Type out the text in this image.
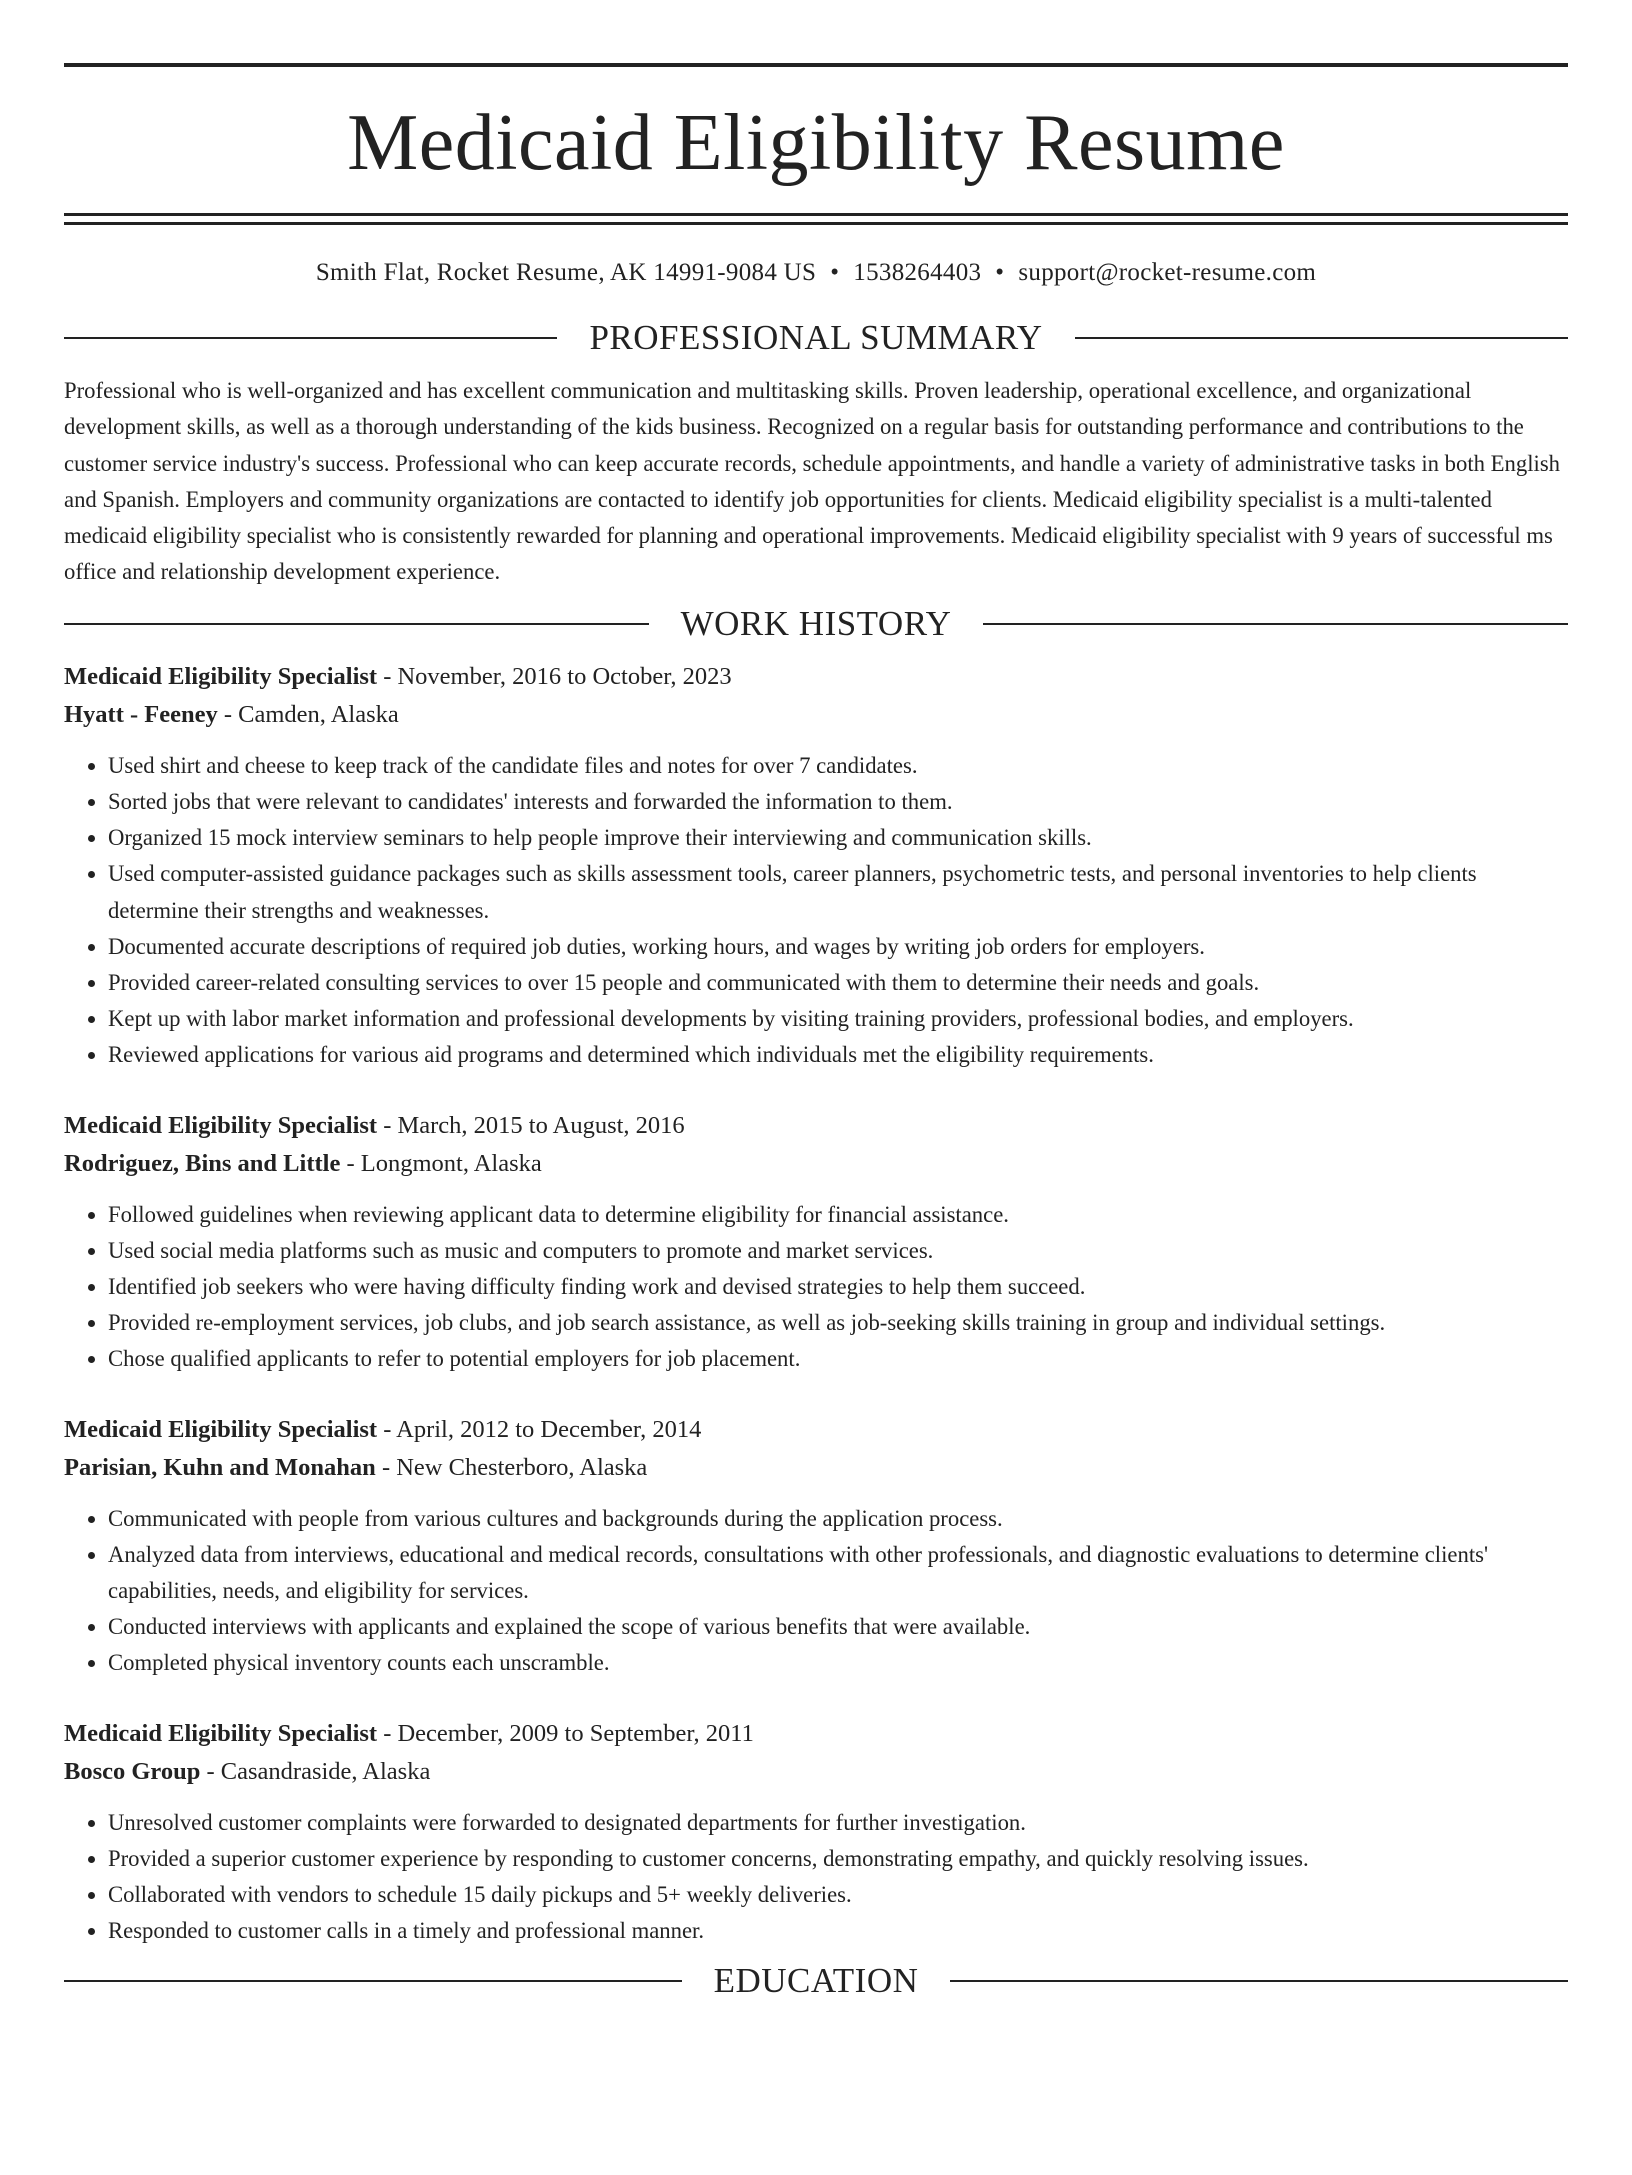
Medicaid Eligibility Resume
Smith Flat, Rocket Resume, AK 14991-9084 US • 1538264403 • support@rocket-resume.com
PROFESSIONAL SUMMARY

Professional who is well-organized and has excellent communication and multitasking skills. Proven leadership, operational excellence, and organizational development skills, as well as a thorough understanding of the kids business. Recognized on a regular basis for outstanding performance and contributions to the customer service industry's success. Professional who can keep accurate records, schedule appointments, and handle a variety of administrative tasks in both English and Spanish. Employers and community organizations are contacted to identify job opportunities for clients. Medicaid eligibility specialist is a multi-talented medicaid eligibility specialist who is consistently rewarded for planning and operational improvements. Medicaid eligibility specialist with 9 years of successful ms office and relationship development experience.

WORK HISTORY
Medicaid Eligibility Specialist - November, 2016 to October, 2023
Hyatt - Feeney - Camden, Alaska
• Used shirt and cheese to keep track of the candidate files and notes for over 7 candidates.
• Sorted jobs that were relevant to candidates' interests and forwarded the information to them.
• Organized 15 mock interview seminars to help people improve their interviewing and communication skills.
• Used computer-assisted guidance packages such as skills assessment tools, career planners, psychometric tests, and personal inventories to help clients determine their strengths and weaknesses.
• Documented accurate descriptions of required job duties, working hours, and wages by writing job orders for employers.
• Provided career-related consulting services to over 15 people and communicated with them to determine their needs and goals.
• Kept up with labor market information and professional developments by visiting training providers, professional bodies, and employers.
• Reviewed applications for various aid programs and determined which individuals met the eligibility requirements.
Medicaid Eligibility Specialist - March, 2015 to August, 2016
Rodriguez, Bins and Little - Longmont, Alaska
• Followed guidelines when reviewing applicant data to determine eligibility for financial assistance.
• Used social media platforms such as music and computers to promote and market services.
• Identified job seekers who were having difficulty finding work and devised strategies to help them succeed.
• Provided re-employment services, job clubs, and job search assistance, as well as job-seeking skills training in group and individual settings.
• Chose qualified applicants to refer to potential employers for job placement.
Medicaid Eligibility Specialist - April, 2012 to December, 2014
Parisian, Kuhn and Monahan - New Chesterboro, Alaska
• Communicated with people from various cultures and backgrounds during the application process.
• Analyzed data from interviews, educational and medical records, consultations with other professionals, and diagnostic evaluations to determine clients' capabilities, needs, and eligibility for services.
• Conducted interviews with applicants and explained the scope of various benefits that were available.
• Completed physical inventory counts each unscramble.
Medicaid Eligibility Specialist - December, 2009 to September, 2011
Bosco Group - Casandraside, Alaska
• Unresolved customer complaints were forwarded to designated departments for further investigation.
• Provided a superior customer experience by responding to customer concerns, demonstrating empathy, and quickly resolving issues.
• Collaborated with vendors to schedule 15 daily pickups and 5+ weekly deliveries.
• Responded to customer calls in a timely and professional manner.
EDUCATION
